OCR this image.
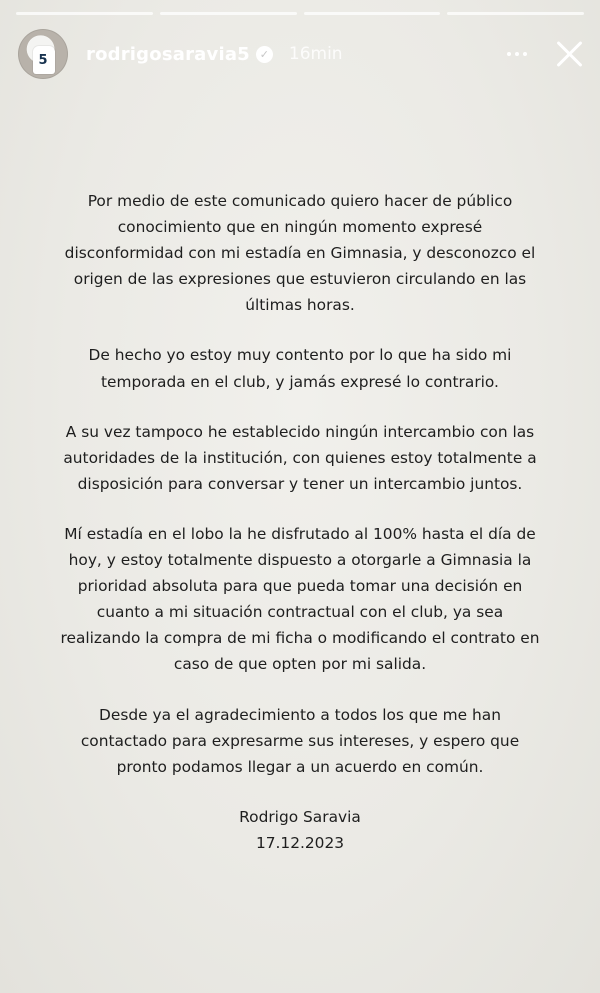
5	rodrigosaravia5 ✓ 16min

Por medio de este comunicado quiero hacer de público conocimiento que en ningún momento expresé disconformidad con mi estadía en Gimnasia, y desconozco el origen de las expresiones que estuvieron circulando en las últimas horas.

De hecho yo estoy muy contento por lo que ha sido mi temporada en el club, y jamás expresé lo contrario.

A su vez tampoco he establecido ningún intercambio con las autoridades de la institución, con quienes estoy totalmente a disposición para conversar y tener un intercambio juntos.

Mí estadía en el lobo la he disfrutado al 100% hasta el día de hoy, y estoy totalmente dispuesto a otorgarle a Gimnasia la prioridad absoluta para que pueda tomar una decisión en cuanto a mi situación contractual con el club, ya sea realizando la compra de mi ficha o modificando el contrato en caso de que opten por mi salida.

Desde ya el agradecimiento a todos los que me han contactado para expresarme sus intereses, y espero que pronto podamos llegar a un acuerdo en común.

Rodrigo Saravia
17.12.2023
